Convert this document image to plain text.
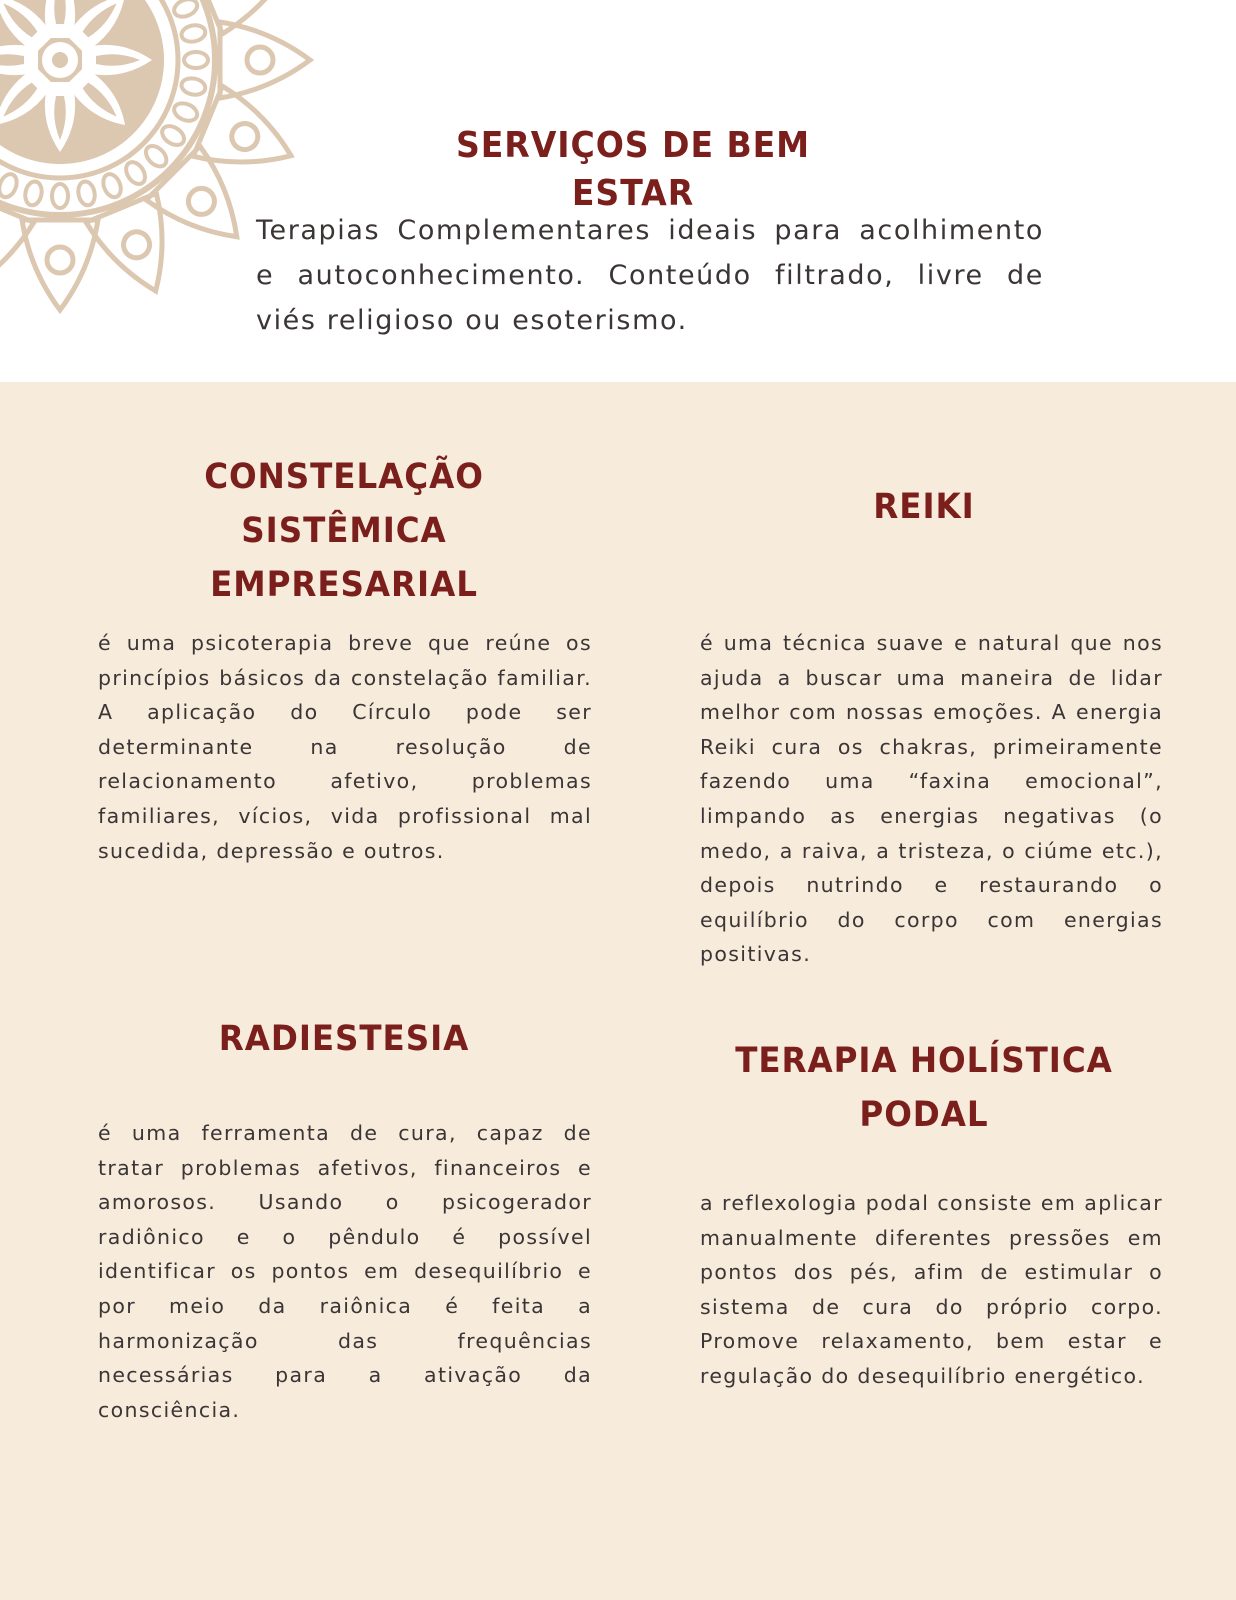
SERVIÇOS DE BEM ESTAR

Terapias Complementares ideais para acolhimento e autoconhecimento. Conteúdo filtrado, livre de viés religioso ou esoterismo.

CONSTELAÇÃO SISTÊMICA EMPRESARIAL

é uma psicoterapia breve que reúne os princípios básicos da constelação familiar. A aplicação do Círculo pode ser determinante na resolução de relacionamento afetivo, problemas familiares, vícios, vida profissional mal sucedida, depressão e outros.

REIKI

é uma técnica suave e natural que nos ajuda a buscar uma maneira de lidar melhor com nossas emoções. A energia Reiki cura os chakras, primeiramente fazendo uma “faxina emocional”, limpando as energias negativas (o medo, a raiva, a tristeza, o ciúme etc.), depois nutrindo e restaurando o equilíbrio do corpo com energias positivas.

RADIESTESIA

é uma ferramenta de cura, capaz de tratar problemas afetivos, financeiros e amorosos. Usando o psicogerador radiônico e o pêndulo é possível identificar os pontos em desequilíbrio e por meio da raiônica é feita a harmonização das frequências necessárias para a ativação da consciência.

TERAPIA HOLÍSTICA PODAL

a reflexologia podal consiste em aplicar manualmente diferentes pressões em pontos dos pés, afim de estimular o sistema de cura do próprio corpo. Promove relaxamento, bem estar e regulação do desequilíbrio energético.
